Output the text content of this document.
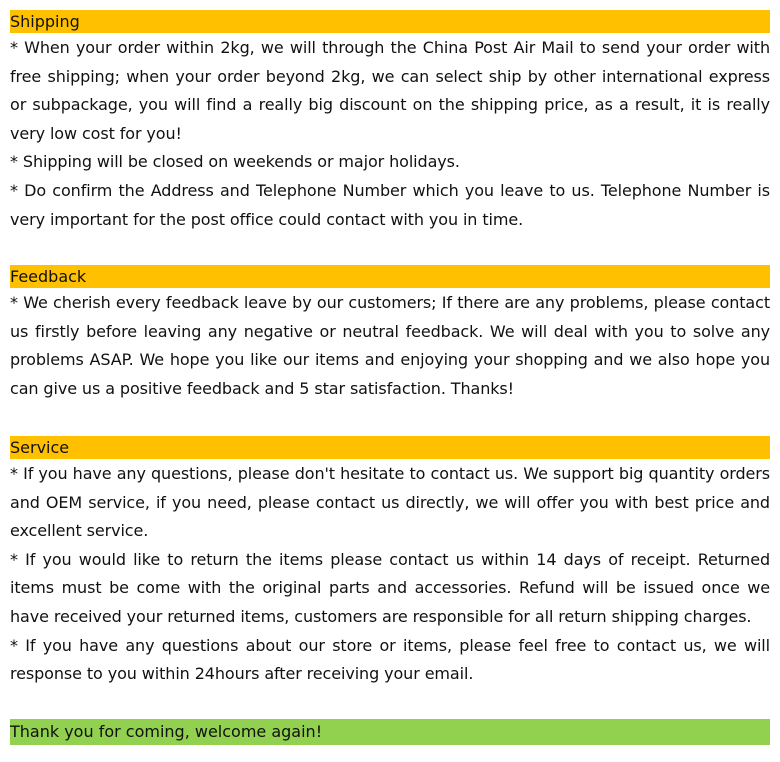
Shipping

* When your order within 2kg, we will through the China Post Air Mail to send your order with free shipping; when your order beyond 2kg, we can select ship by other international express or subpackage, you will find a really big discount on the shipping price, as a result, it is really very low cost for you!

* Shipping will be closed on weekends or major holidays.

* Do confirm the Address and Telephone Number which you leave to us. Telephone Number is very important for the post office could contact with you in time.

Feedback

* We cherish every feedback leave by our customers; If there are any problems, please contact us firstly before leaving any negative or neutral feedback. We will deal with you to solve any problems ASAP. We hope you like our items and enjoying your shopping and we also hope you can give us a positive feedback and 5 star satisfaction. Thanks!

Service

* If you have any questions, please don't hesitate to contact us. We support big quantity orders and OEM service, if you need, please contact us directly, we will offer you with best price and excellent service.

* If you would like to return the items please contact us within 14 days of receipt. Returned items must be come with the original parts and accessories. Refund will be issued once we have received your returned items, customers are responsible for all return shipping charges.

* If you have any questions about our store or items, please feel free to contact us, we will response to you within 24hours after receiving your email.

Thank you for coming, welcome again!
